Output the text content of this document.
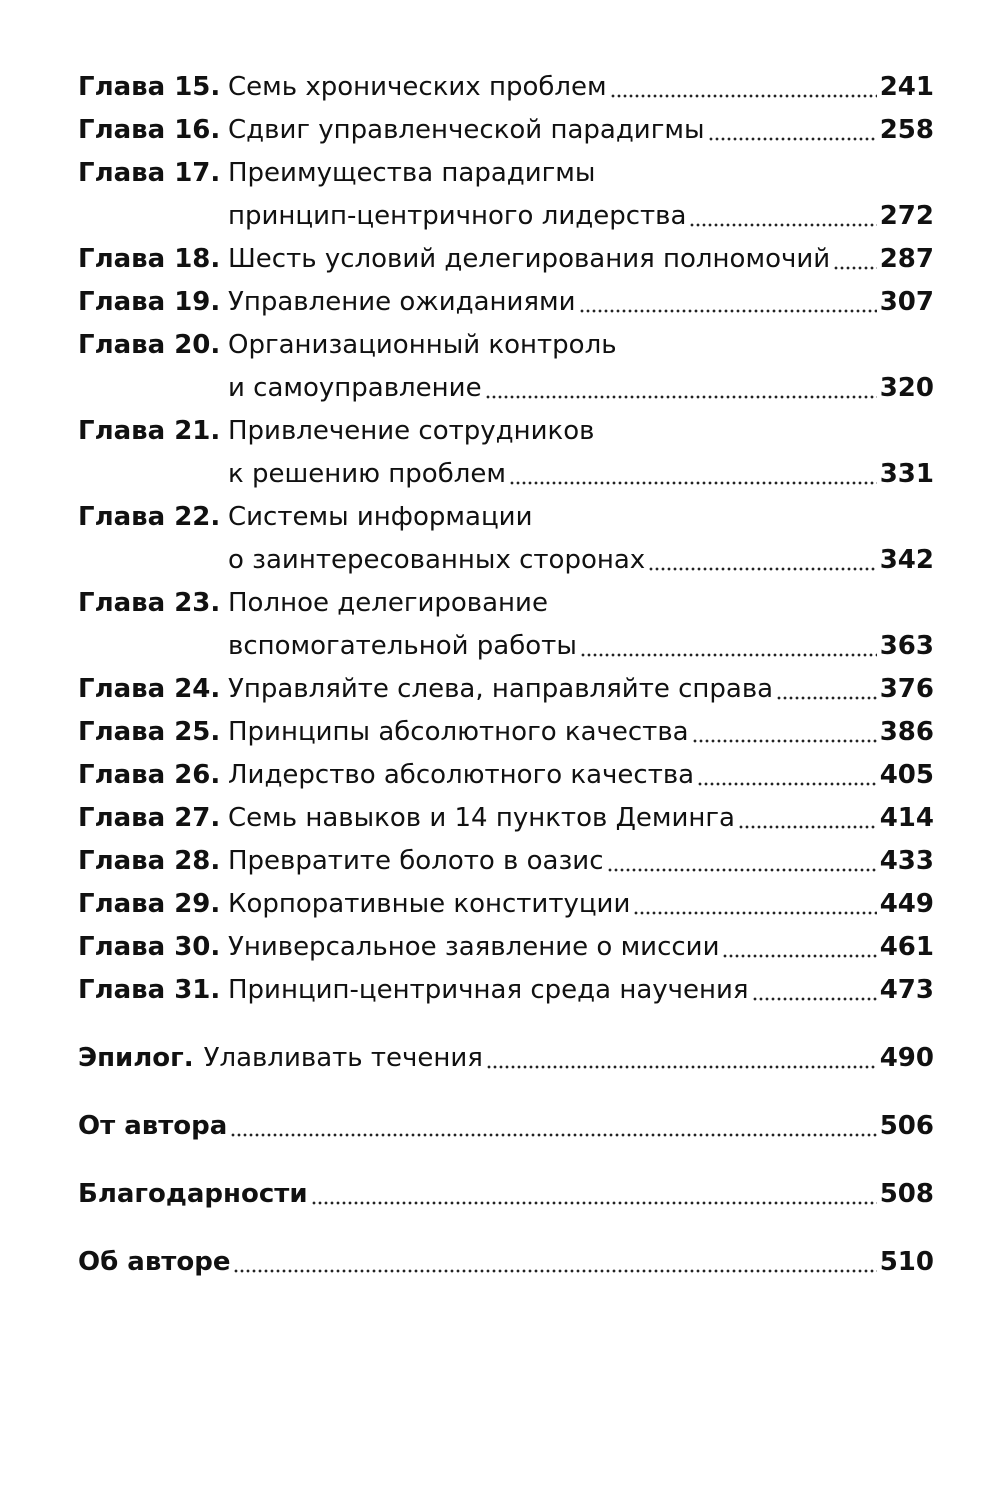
Глава 15. Семь хронических проблем	241
Глава 16. Сдвиг управленческой парадигмы	258
Глава 17. Преимущества парадигмы
принцип-центричного лидерства	272
Глава 18. Шесть условий делегирования полномочий 287
Глава 19. Управление ожиданиями	307
Глава 20. Организационный контроль
и самоуправление	320
Глава 21. Привлечение сотрудников
к решению проблем	331
Глава 22. Системы информации
о заинтересованных сторонах	342
Глава 23. Полное делегирование
вспомогательной работы	363
Глава 24. Управляйте слева, направляйте справа	376
Глава 25. Принципы абсолютного качества	386
Глава 26. Лидерство абсолютного качества	405
Глава 27. Семь навыков и 14 пунктов Деминга	414
Глава 28. Превратите болото в оазис	433
Глава 29. Корпоративные конституции	449
Глава 30. Универсальное заявление о миссии	461
Глава 31. Принцип-центричная среда научения	473
Эпилог. Улавливать течения	490
От автора	506
Благодарности	508
Об авторе	510
